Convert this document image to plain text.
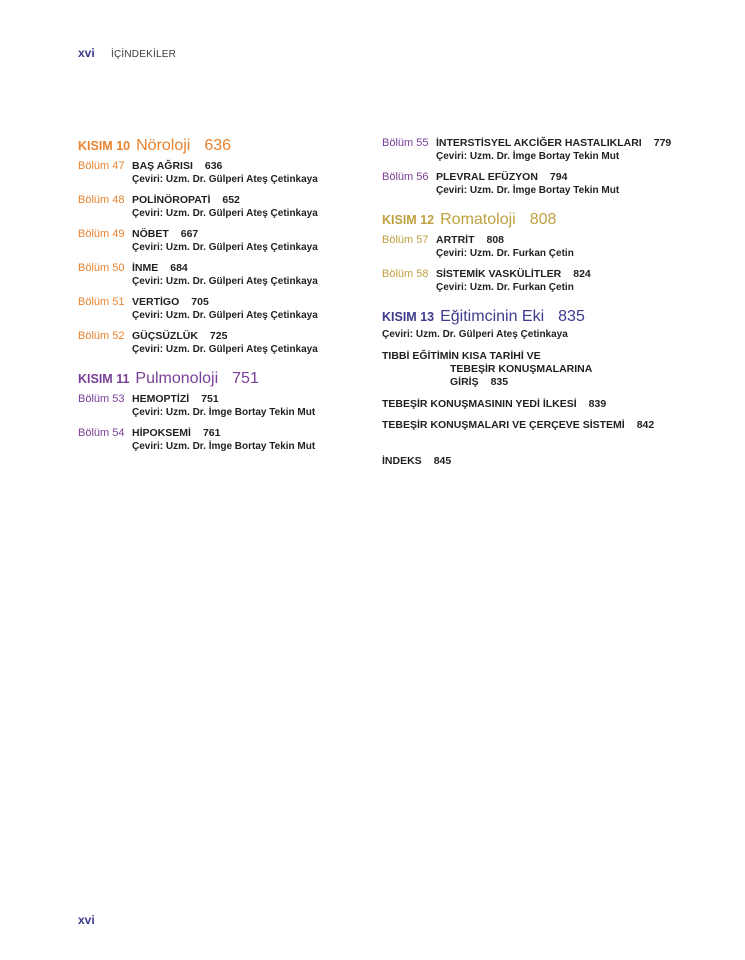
xvi	İÇİNDEKİLER
KISIM 10 Nöroloji 636
Bölüm 47 BAŞ AĞRISI 636
Çeviri: Uzm. Dr. Gülperi Ateş Çetinkaya
Bölüm 48 POLİNÖROPATİ 652
Çeviri: Uzm. Dr. Gülperi Ateş Çetinkaya
Bölüm 49 NÖBET 667
Çeviri: Uzm. Dr. Gülperi Ateş Çetinkaya
Bölüm 50 İNME 684
Çeviri: Uzm. Dr. Gülperi Ateş Çetinkaya
Bölüm 51 VERTİGO 705
Çeviri: Uzm. Dr. Gülperi Ateş Çetinkaya
Bölüm 52 GÜÇSÜZLÜK 725
Çeviri: Uzm. Dr. Gülperi Ateş Çetinkaya
KISIM 11 Pulmonoloji 751
Bölüm 53 HEMOPTİZİ 751
Çeviri: Uzm. Dr. İmge Bortay Tekin Mut
Bölüm 54 HİPOKSEMİ 761
Çeviri: Uzm. Dr. İmge Bortay Tekin Mut
Bölüm 55 İNTERSTİSYEL AKCİĞER HASTALIKLARI 779
Çeviri: Uzm. Dr. İmge Bortay Tekin Mut
Bölüm 56 PLEVRAL EFÜZYON 794
Çeviri: Uzm. Dr. İmge Bortay Tekin Mut
KISIM 12 Romatoloji 808
Bölüm 57 ARTRİT 808
Çeviri: Uzm. Dr. Furkan Çetin
Bölüm 58 SİSTEMİK VASKÜLİTLER 824
Çeviri: Uzm. Dr. Furkan Çetin
KISIM 13 Eğitimcinin Eki 835
Çeviri: Uzm. Dr. Gülperi Ateş Çetinkaya
TIBBİ EĞİTİMİN KISA TARİHİ VE
TEBEŞİR KONUŞMALARINA
GİRİŞ 835
TEBEŞİR KONUŞMASININ YEDİ İLKESİ 839
TEBEŞİR KONUŞMALARI VE ÇERÇEVE SİSTEMİ 842
İNDEKS 845
xvi
